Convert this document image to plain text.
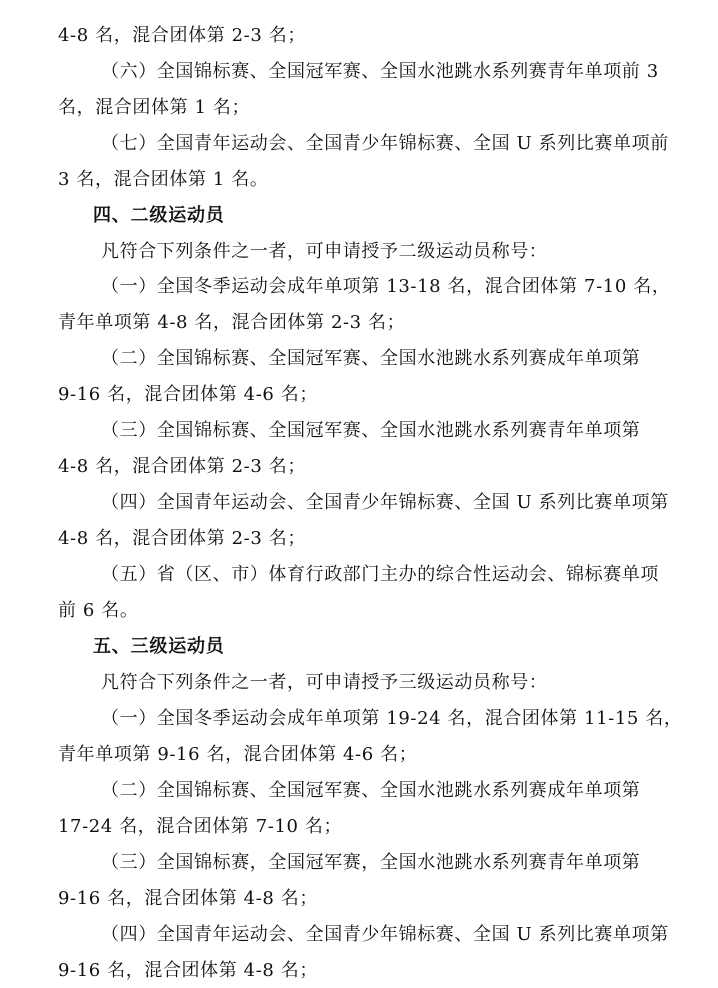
4-8 名，混合团体第 2-3 名；
（六）全国锦标赛、全国冠军赛、全国水池跳水系列赛青年单项前 3
名，混合团体第 1 名；
（七）全国青年运动会、全国青少年锦标赛、全国 U 系列比赛单项前
3 名，混合团体第 1 名。
四、二级运动员
凡符合下列条件之一者，可申请授予二级运动员称号：
（一）全国冬季运动会成年单项第 13-18 名，混合团体第 7-10 名，
青年单项第 4-8 名，混合团体第 2-3 名；
（二）全国锦标赛、全国冠军赛、全国水池跳水系列赛成年单项第
9-16 名，混合团体第 4-6 名；
（三）全国锦标赛、全国冠军赛、全国水池跳水系列赛青年单项第
4-8 名，混合团体第 2-3 名；
（四）全国青年运动会、全国青少年锦标赛、全国 U 系列比赛单项第
4-8 名，混合团体第 2-3 名；
（五）省（区、市）体育行政部门主办的综合性运动会、锦标赛单项
前 6 名。
五、三级运动员
凡符合下列条件之一者，可申请授予三级运动员称号：
（一）全国冬季运动会成年单项第 19-24 名，混合团体第 11-15 名，
青年单项第 9-16 名，混合团体第 4-6 名；
（二）全国锦标赛、全国冠军赛、全国水池跳水系列赛成年单项第
17-24 名，混合团体第 7-10 名；
（三）全国锦标赛，全国冠军赛，全国水池跳水系列赛青年单项第
9-16 名，混合团体第 4-8 名；
（四）全国青年运动会、全国青少年锦标赛、全国 U 系列比赛单项第
9-16 名，混合团体第 4-8 名；
